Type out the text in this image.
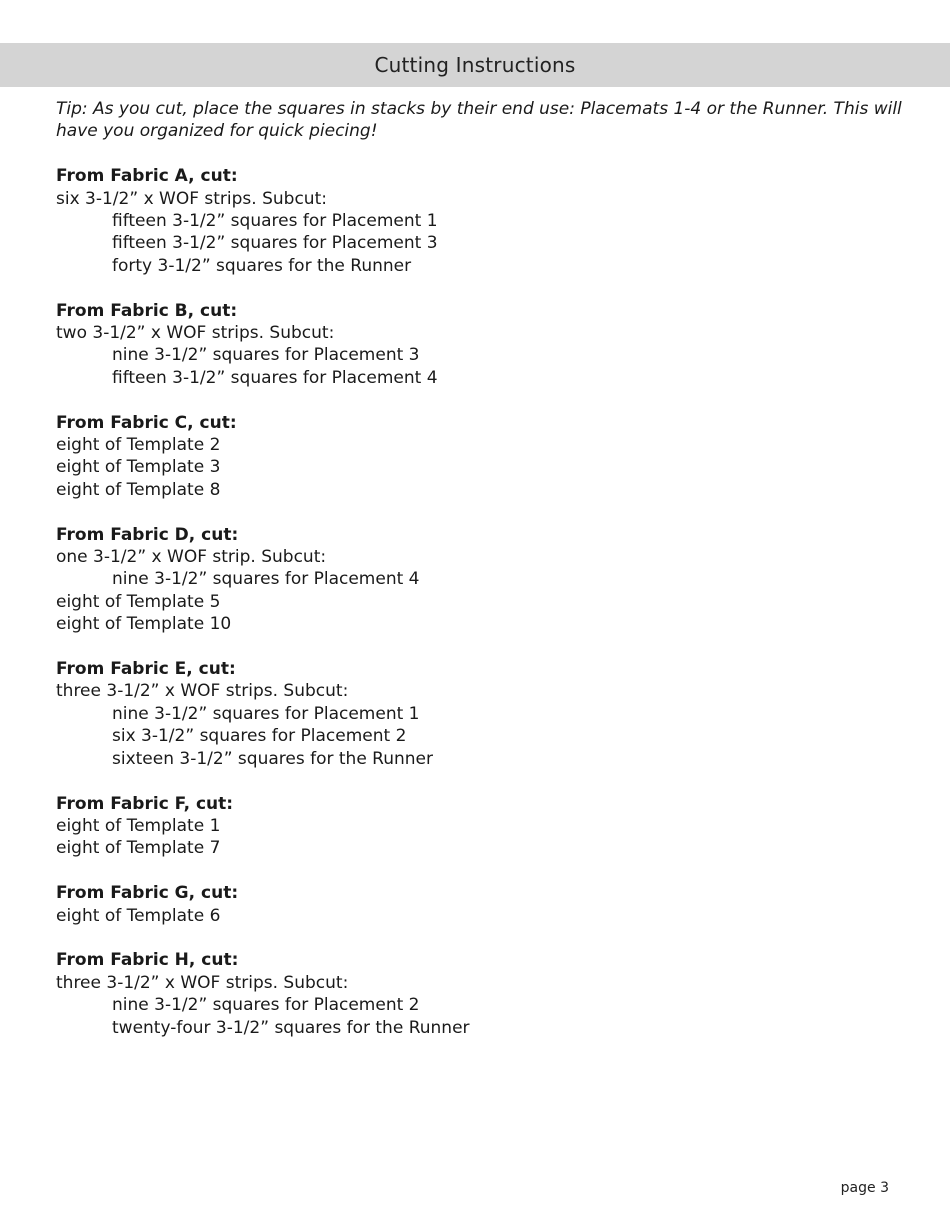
Cutting Instructions
Tip: As you cut, place the squares in stacks by their end use: Placemats 1-4 or the Runner. This will have you organized for quick piecing!
From Fabric A, cut:
six 3-1/2” x WOF strips. Subcut:
fifteen 3-1/2” squares for Placement 1
fifteen 3-1/2” squares for Placement 3
forty 3-1/2” squares for the Runner
From Fabric B, cut:
two 3-1/2” x WOF strips. Subcut:
nine 3-1/2” squares for Placement 3
fifteen 3-1/2” squares for Placement 4
From Fabric C, cut:
eight of Template 2
eight of Template 3
eight of Template 8
From Fabric D, cut:
one 3-1/2” x WOF strip. Subcut:
nine 3-1/2” squares for Placement 4
eight of Template 5
eight of Template 10
From Fabric E, cut:
three 3-1/2” x WOF strips. Subcut:
nine 3-1/2” squares for Placement 1
six 3-1/2” squares for Placement 2
sixteen 3-1/2” squares for the Runner
From Fabric F, cut:
eight of Template 1
eight of Template 7
From Fabric G, cut:
eight of Template 6
From Fabric H, cut:
three 3-1/2” x WOF strips. Subcut:
nine 3-1/2” squares for Placement 2
twenty-four 3-1/2” squares for the Runner
page 3
